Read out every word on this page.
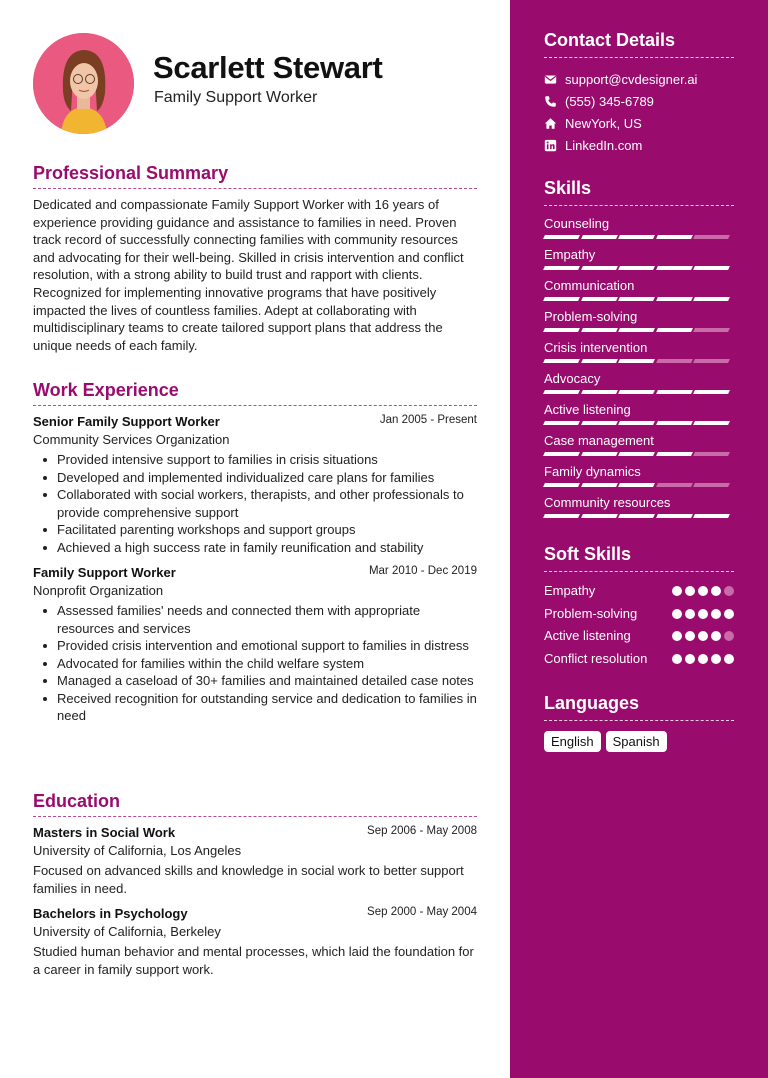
Scarlett Stewart
Family Support Worker
Professional Summary
Dedicated and compassionate Family Support Worker with 16 years of experience providing guidance and assistance to families in need. Proven track record of successfully connecting families with community resources and advocating for their well-being. Skilled in crisis intervention and conflict resolution, with a strong ability to build trust and rapport with clients. Recognized for implementing innovative programs that have positively impacted the lives of countless families. Adept at collaborating with multidisciplinary teams to create tailored support plans that address the unique needs of each family.
Work Experience
Senior Family Support Worker	Jan 2005 - Present
Community Services Organization
Provided intensive support to families in crisis situations
Developed and implemented individualized care plans for families
Collaborated with social workers, therapists, and other professionals to provide comprehensive support
Facilitated parenting workshops and support groups
Achieved a high success rate in family reunification and stability
Family Support Worker	Mar 2010 - Dec 2019
Nonprofit Organization
Assessed families' needs and connected them with appropriate resources and services
Provided crisis intervention and emotional support to families in distress
Advocated for families within the child welfare system
Managed a caseload of 30+ families and maintained detailed case notes
Received recognition for outstanding service and dedication to families in need
Education
Masters in Social Work	Sep 2006 - May 2008
University of California, Los Angeles
Focused on advanced skills and knowledge in social work to better support families in need.
Bachelors in Psychology	Sep 2000 - May 2004
University of California, Berkeley
Studied human behavior and mental processes, which laid the foundation for a career in family support work.
Contact Details
support@cvdesigner.ai
(555) 345-6789
NewYork, US
LinkedIn.com
Skills
Counseling
Empathy
Communication
Problem-solving
Crisis intervention
Advocacy
Active listening
Case management
Family dynamics
Community resources
Soft Skills
Empathy
Problem-solving
Active listening
Conflict resolution
Languages
English	Spanish
